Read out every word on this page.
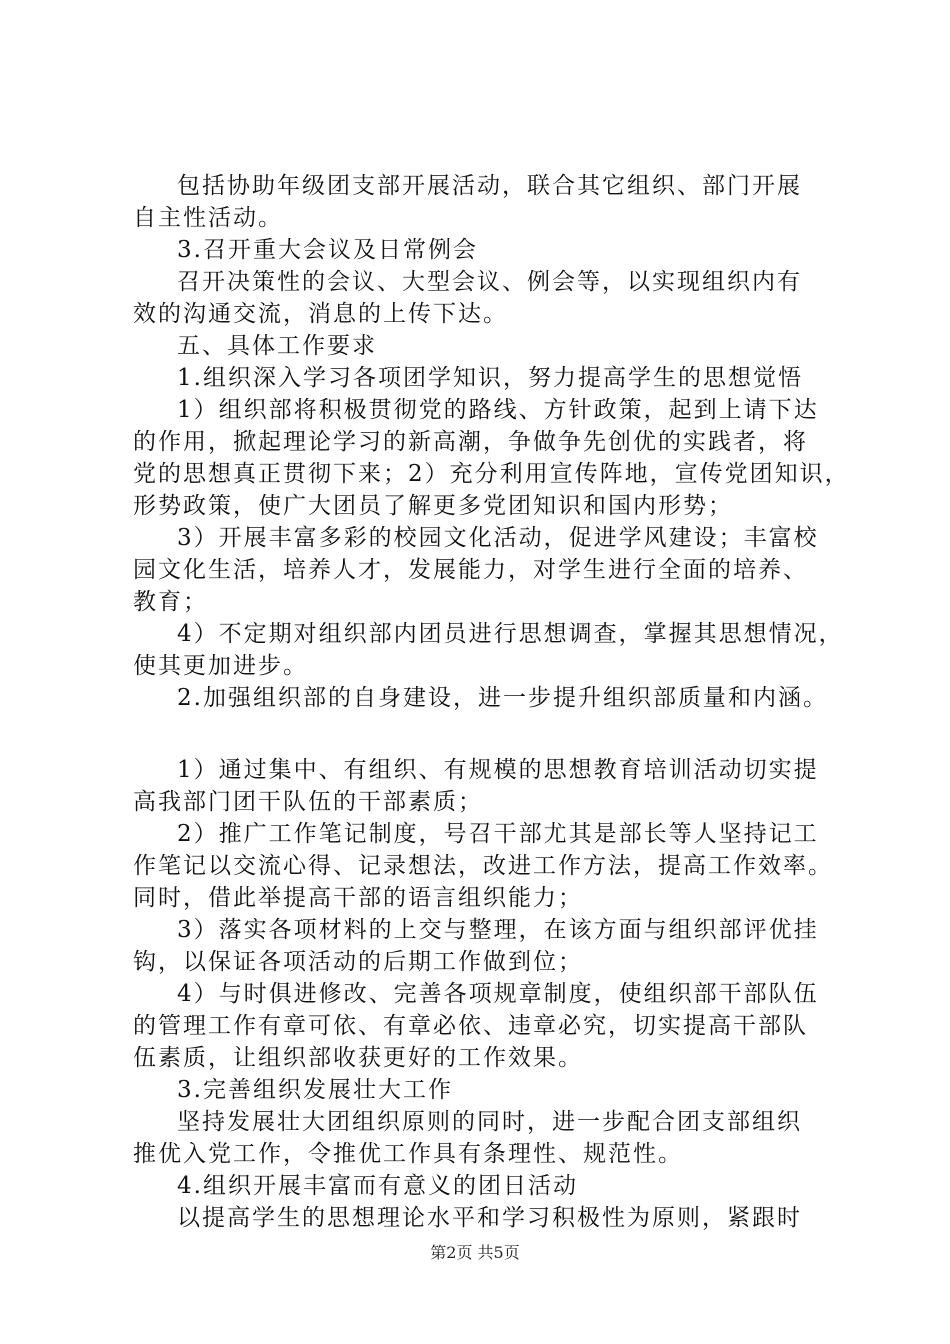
包括协助年级团支部开展活动，联合其它组织、部门开展
自主性活动。
3.召开重大会议及日常例会
召开决策性的会议、大型会议、例会等，以实现组织内有
效的沟通交流，消息的上传下达。
五、具体工作要求
1.组织深入学习各项团学知识，努力提高学生的思想觉悟
1）组织部将积极贯彻党的路线、方针政策，起到上请下达
的作用，掀起理论学习的新高潮，争做争先创优的实践者，将
党的思想真正贯彻下来；2）充分利用宣传阵地，宣传党团知识，
形势政策，使广大团员了解更多党团知识和国内形势；
3）开展丰富多彩的校园文化活动，促进学风建设；丰富校
园文化生活，培养人才，发展能力，对学生进行全面的培养、
教育；
4）不定期对组织部内团员进行思想调查，掌握其思想情况，
使其更加进步。
2.加强组织部的自身建设，进一步提升组织部质量和内涵。
1）通过集中、有组织、有规模的思想教育培训活动切实提
高我部门团干队伍的干部素质；
2）推广工作笔记制度，号召干部尤其是部长等人坚持记工
作笔记以交流心得、记录想法，改进工作方法，提高工作效率。
同时，借此举提高干部的语言组织能力；
3）落实各项材料的上交与整理，在该方面与组织部评优挂
钩，以保证各项活动的后期工作做到位；
4）与时俱进修改、完善各项规章制度，使组织部干部队伍
的管理工作有章可依、有章必依、违章必究，切实提高干部队
伍素质，让组织部收获更好的工作效果。
3.完善组织发展壮大工作
坚持发展壮大团组织原则的同时，进一步配合团支部组织
推优入党工作，令推优工作具有条理性、规范性。
4.组织开展丰富而有意义的团日活动
以提高学生的思想理论水平和学习积极性为原则，紧跟时
第2页 共5页
